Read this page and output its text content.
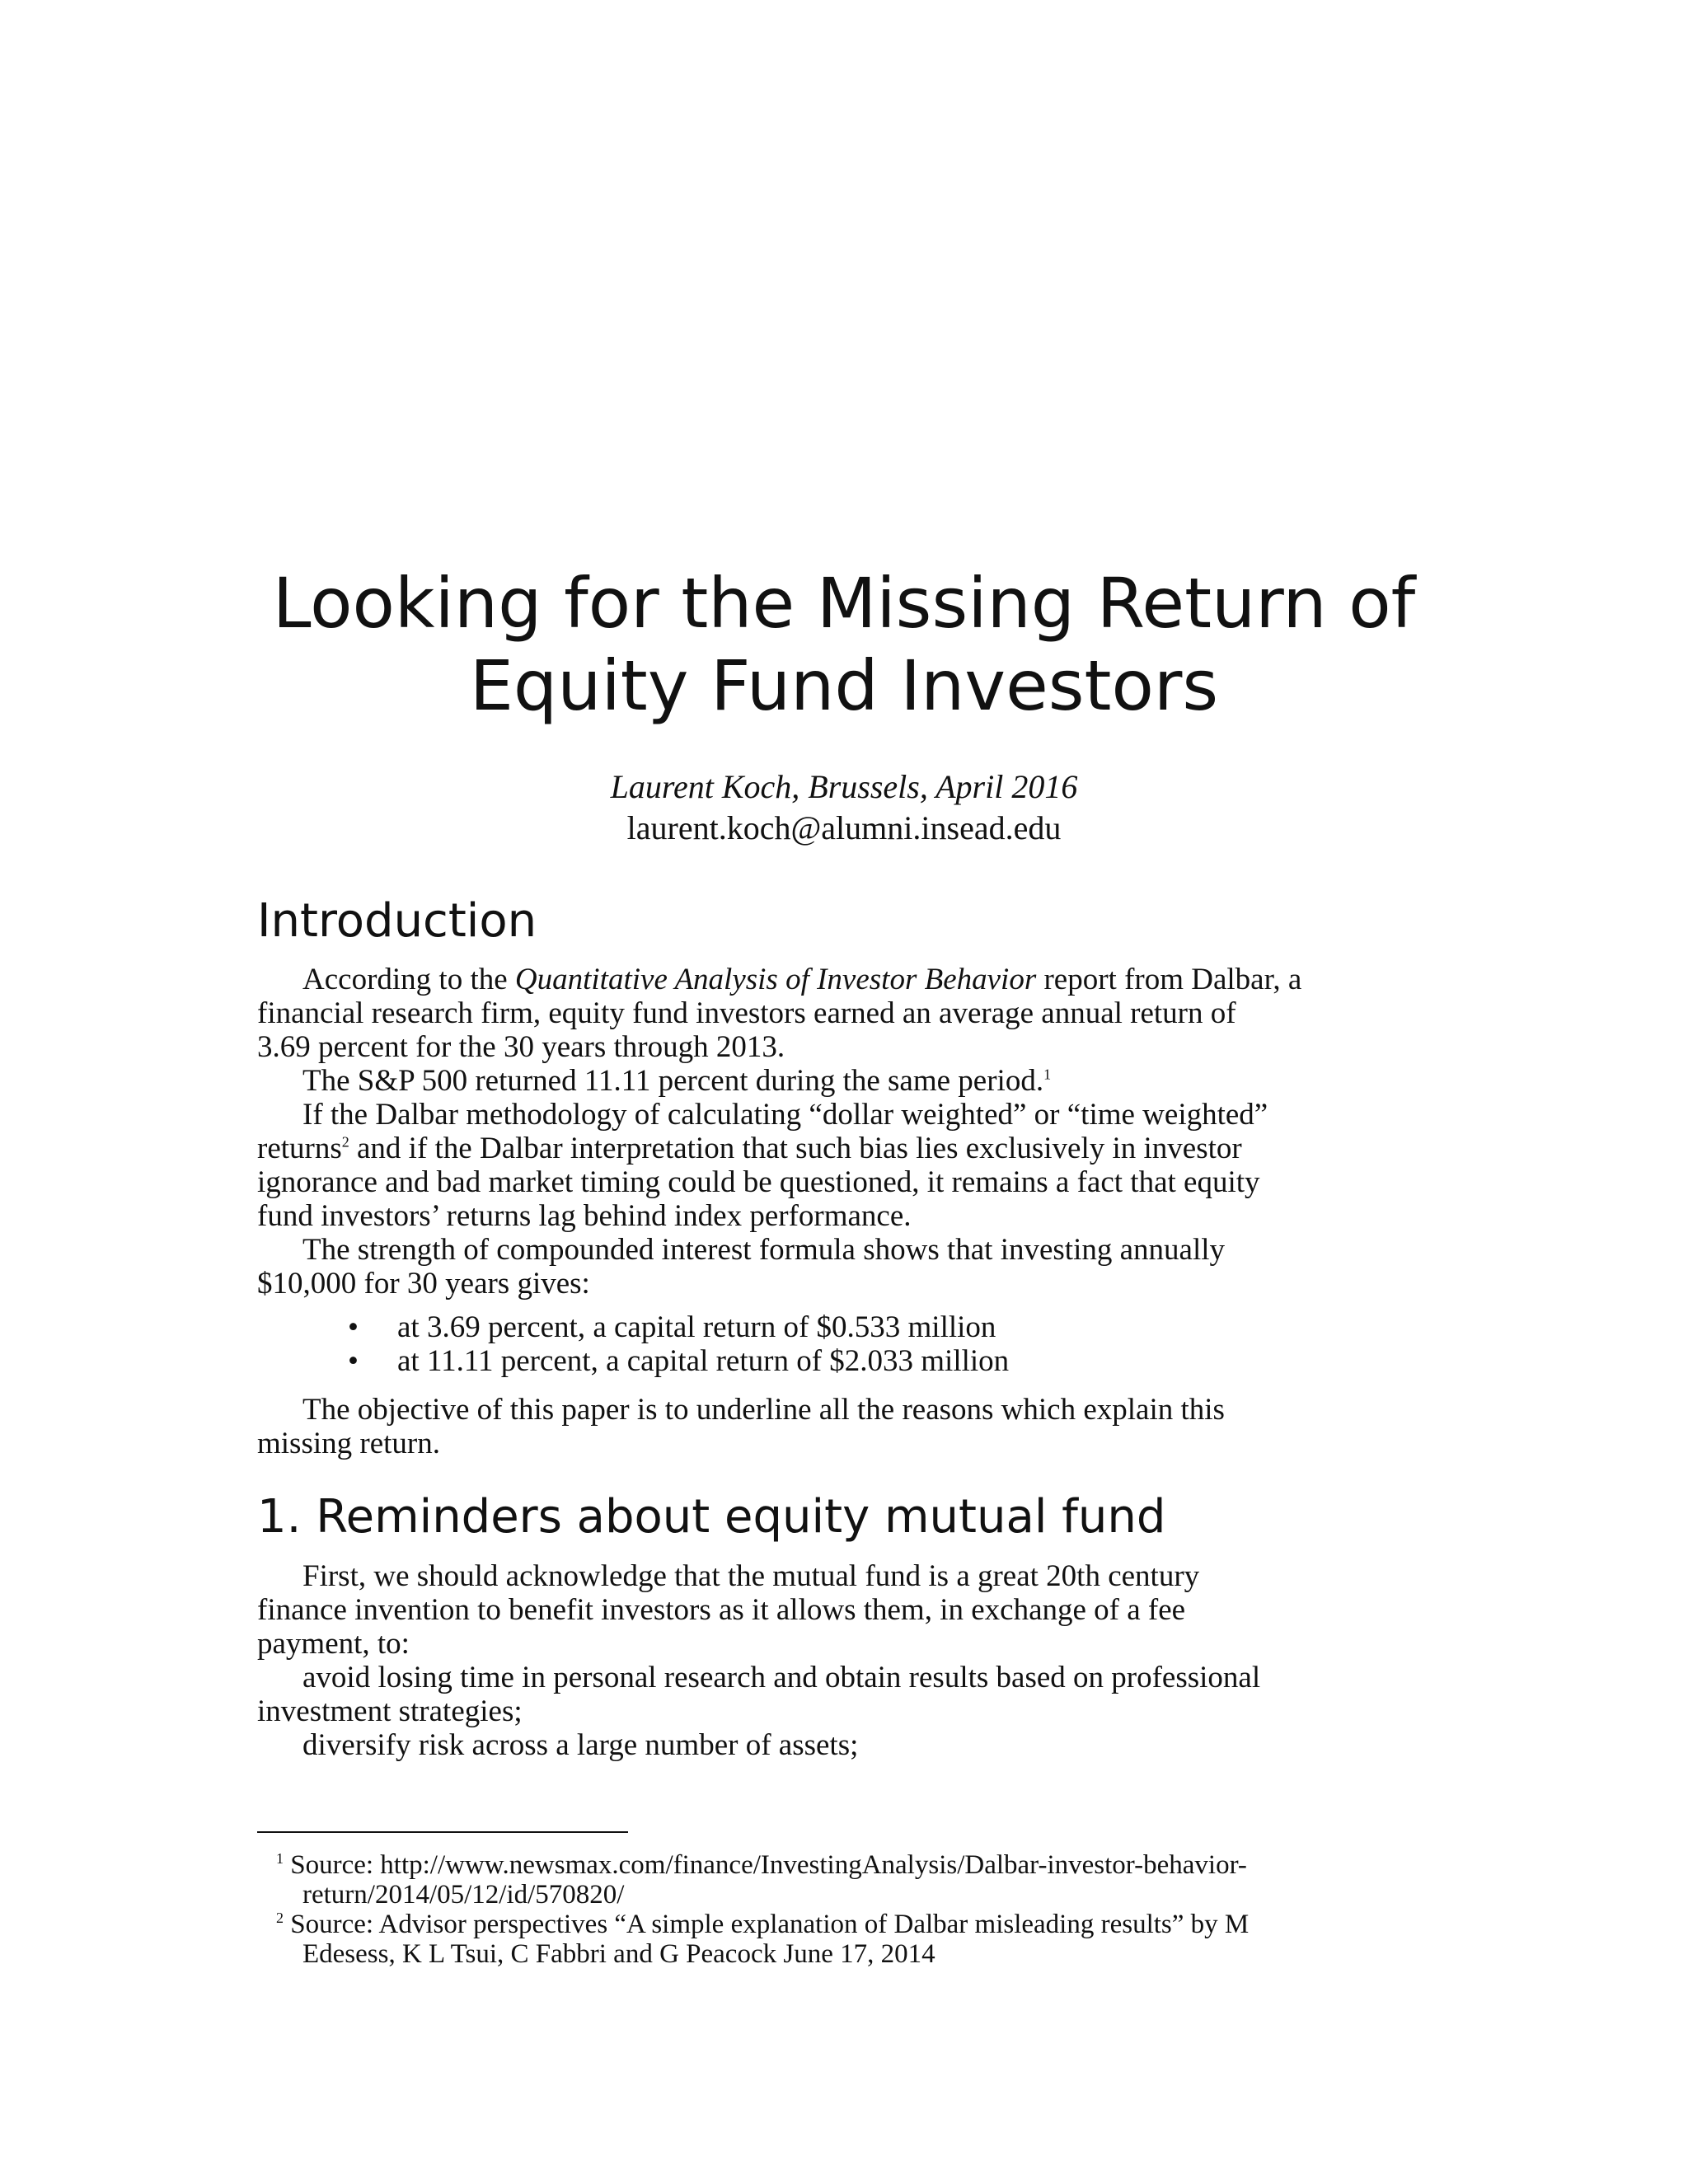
Looking for the Missing Return of
Equity Fund Investors
Laurent Koch, Brussels, April 2016
laurent.koch@alumni.insead.edu
Introduction
According to the Quantitative Analysis of Investor Behavior report from Dalbar, a
financial research firm, equity fund investors earned an average annual return of
3.69 percent for the 30 years through 2013.
The S&P 500 returned 11.11 percent during the same period.$^1$
If the Dalbar methodology of calculating “dollar weighted” or “time weighted”
returns$^2$ and if the Dalbar interpretation that such bias lies exclusively in investor
ignorance and bad market timing could be questioned, it remains a fact that equity
fund investors’ returns lag behind index performance.
The strength of compounded interest formula shows that investing annually
$10,000 for 30 years gives:
• at 3.69 percent, a capital return of $0.533 million
• at 11.11 percent, a capital return of $2.033 million
The objective of this paper is to underline all the reasons which explain this
missing return.
1. Reminders about equity mutual fund
First, we should acknowledge that the mutual fund is a great 20th century
finance invention to benefit investors as it allows them, in exchange of a fee
payment, to:
avoid losing time in personal research and obtain results based on professional
investment strategies;
diversify risk across a large number of assets;
$^1$ Source: http://www.newsmax.com/finance/InvestingAnalysis/Dalbar-investor-behavior-
return/2014/05/12/id/570820/
$^2$ Source: Advisor perspectives “A simple explanation of Dalbar misleading results” by M
Edesess, K L Tsui, C Fabbri and G Peacock June 17, 2014
